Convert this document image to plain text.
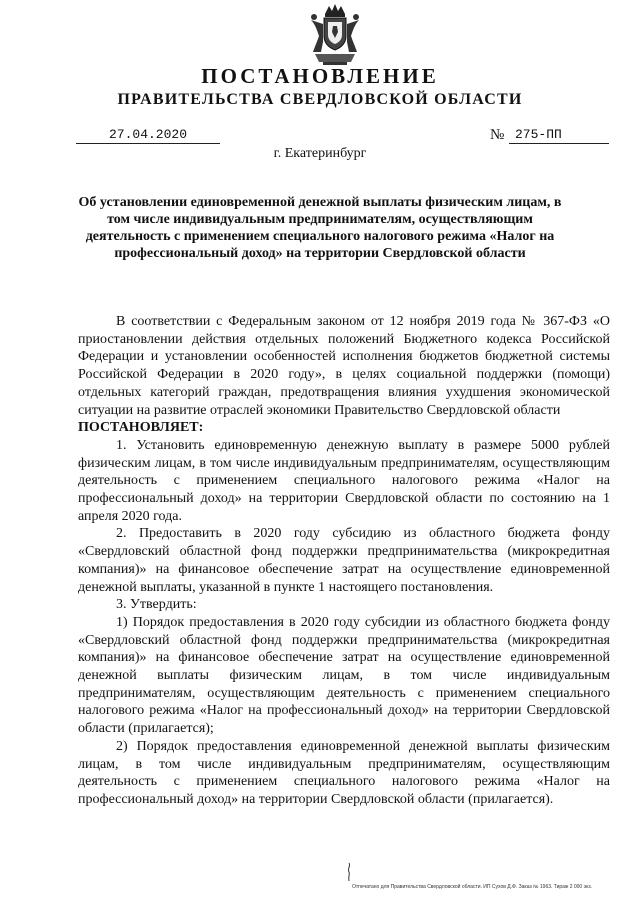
ПОСТАНОВЛЕНИЕ
ПРАВИТЕЛЬСТВА СВЕРДЛОВСКОЙ ОБЛАСТИ
27.04.2020	№ 275-ПП
г. Екатеринбург
Об установлении единовременной денежной выплаты физическим лицам, в том числе индивидуальным предпринимателям, осуществляющим деятельность с применением специального налогового режима «Налог на профессиональный доход» на территории Свердловской области

В соответствии с Федеральным законом от 12 ноября 2019 года № 367-ФЗ «О приостановлении действия отдельных положений Бюджетного кодекса Российской Федерации и установлении особенностей исполнения бюджетов бюджетной системы Российской Федерации в 2020 году», в целях социальной поддержки (помощи) отдельных категорий граждан, предотвращения влияния ухудшения экономической ситуации на развитие отраслей экономики Правительство Свердловской области

ПОСТАНОВЛЯЕТ:

1. Установить единовременную денежную выплату в размере 5000 рублей физическим лицам, в том числе индивидуальным предпринимателям, осуществляющим деятельность с применением специального налогового режима «Налог на профессиональный доход» на территории Свердловской области по состоянию на 1 апреля 2020 года.

2. Предоставить в 2020 году субсидию из областного бюджета фонду «Свердловский областной фонд поддержки предпринимательства (микрокредитная компания)» на финансовое обеспечение затрат на осуществление единовременной денежной выплаты, указанной в пункте 1 настоящего постановления.

3. Утвердить:

1) Порядок предоставления в 2020 году субсидии из областного бюджета фонду «Свердловский областной фонд поддержки предпринимательства (микрокредитная компания)» на финансовое обеспечение затрат на осуществление единовременной денежной выплаты физическим лицам, в том числе индивидуальным предпринимателям, осуществляющим деятельность с применением специального налогового режима «Налог на профессиональный доход» на территории Свердловской области (прилагается);

2) Порядок предоставления единовременной денежной выплаты физическим лицам, в том числе индивидуальным предпринимателям, осуществляющим деятельность с применением специального налогового режима «Налог на профессиональный доход» на территории Свердловской области (прилагается).

Отпечатано для Правительства Свердловской области. ИП Сухов Д.Ф. Заказ № 1963. Тираж 2 000 экз.
